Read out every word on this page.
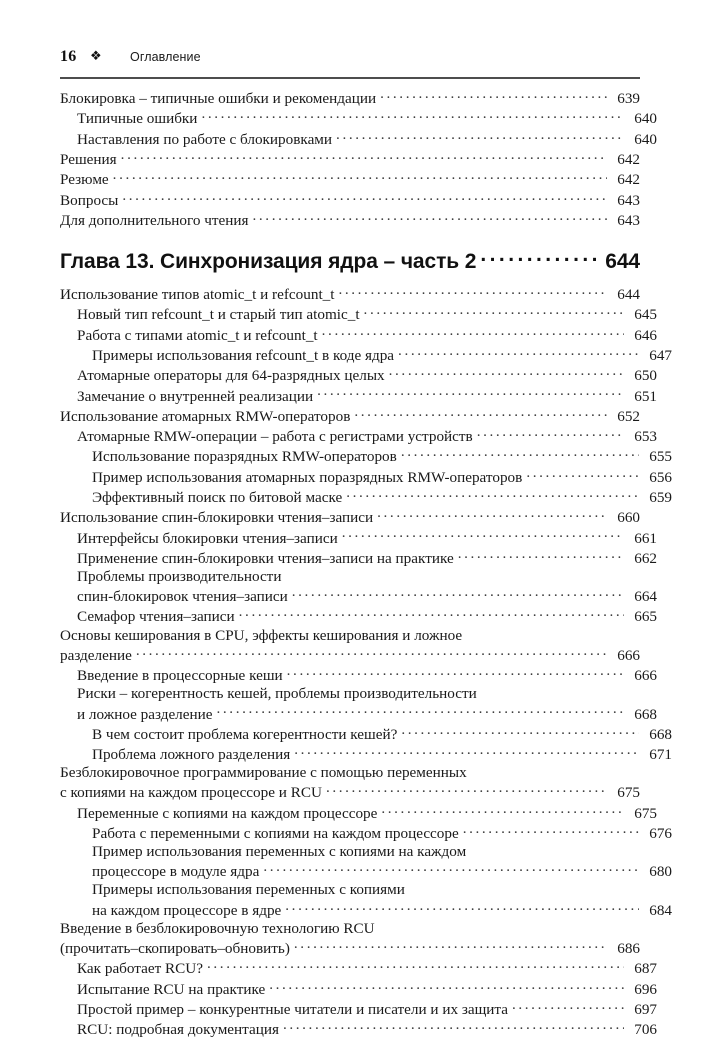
16	❖	Оглавление
Блокировка – типичные ошибки и рекомендации . . .	639
Типичные ошибки . . .	640
Наставления по работе с блокировками . . .	640
Решения . . .	642
Резюме . . .	642
Вопросы . . .	643
Для дополнительного чтения . . .	643
Глава 13. Синхронизация ядра – часть 2 . . .	644
Использование типов atomic_t и refcount_t . . .	644
Новый тип refcount_t и старый тип atomic_t . . .	645
Работа с типами atomic_t и refcount_t . . .	646
Примеры использования refcount_t в коде ядра . . .	647
Атомарные операторы для 64-разрядных целых . . .	650
Замечание о внутренней реализации . . .	651
Использование атомарных RMW-операторов . . .	652
Атомарные RMW-операции – работа с регистрами устройств . . .	653
Использование поразрядных RMW-операторов . . .	655
Пример использования атомарных поразрядных RMW-операторов . . .	656
Эффективный поиск по битовой маске . . .	659
Использование спин-блокировки чтения–записи . . .	660
Интерфейсы блокировки чтения–записи . . .	661
Применение спин-блокировки чтения–записи на практике . . .	662
Проблемы производительности
спин-блокировок чтения–записи . . .	664
Семафор чтения–записи . . .	665
Основы кеширования в CPU, эффекты кеширования и ложное
разделение . . .	666
Введение в процессорные кеши . . .	666
Риски – когерентность кешей, проблемы производительности
и ложное разделение . . .	668
В чем состоит проблема когерентности кешей? . . .	668
Проблема ложного разделения . . .	671
Безблокировочное программирование с помощью переменных
с копиями на каждом процессоре и RCU . . .	675
Переменные с копиями на каждом процессоре . . .	675
Работа с переменными с копиями на каждом процессоре . . .	676
Пример использования переменных с копиями на каждом
процессоре в модуле ядра . . .	680
Примеры использования переменных с копиями
на каждом процессоре в ядре . . .	684
Введение в безблокировочную технологию RCU
(прочитать–скопировать–обновить) . . .	686
Как работает RCU? . . .	687
Испытание RCU на практике . . .	696
Простой пример – конкурентные читатели и писатели и их защита . . .	697
RCU: подробная документация . . .	706
